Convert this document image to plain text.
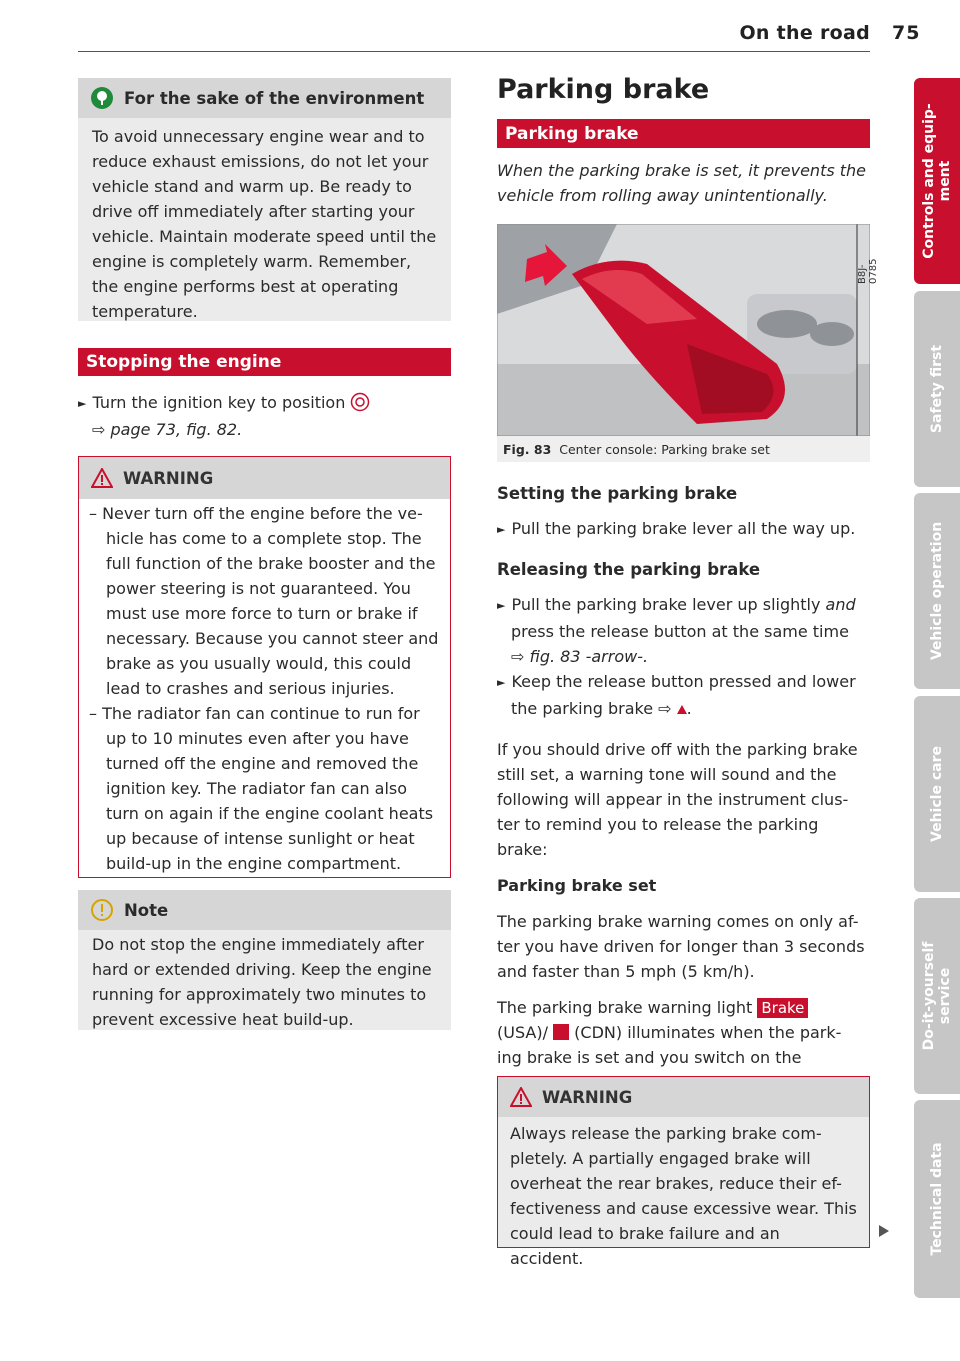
On the road 75
For the sake of the environment

To avoid unnecessary engine wear and to

reduce exhaust emissions, do not let your

vehicle stand and warm up. Be ready to

drive off immediately after starting your

vehicle. Maintain moderate speed until the

engine is completely warm. Remember,

the engine performs best at operating

temperature.

Stopping the engine

► Turn the ignition key to position

⇨ page 73, fig. 82.

WARNING

– Never turn off the engine before the ve-

hicle has come to a complete stop. The

full function of the brake booster and the

power steering is not guaranteed. You

must use more force to turn or brake if

necessary. Because you cannot steer and

brake as you usually would, this could

lead to crashes and serious injuries.

– The radiator fan can continue to run for

up to 10 minutes even after you have

turned off the engine and removed the

ignition key. The radiator fan can also

turn on again if the engine coolant heats

up because of intense sunlight or heat

build-up in the engine compartment.

Note

Do not stop the engine immediately after

hard or extended driving. Keep the engine

running for approximately two minutes to

prevent excessive heat build-up.

Parking brake
Parking brake

When the parking brake is set, it prevents the

vehicle from rolling away unintentionally.

B8J-0785
Fig. 83 Center console: Parking brake set

Setting the parking brake

► Pull the parking brake lever all the way up.

Releasing the parking brake

► Pull the parking brake lever up slightly and

press the release button at the same time

⇨ fig. 83 -arrow-.

► Keep the release button pressed and lower

the parking brake ⇨ .

If you should drive off with the parking brake

still set, a warning tone will sound and the

following will appear in the instrument clus-

ter to remind you to release the parking

brake:

Parking brake set

The parking brake warning comes on only af-

ter you have driven for longer than 3 seconds

and faster than 5 mph (5 km/h).

The parking brake warning light Brake

(USA)/ (CDN) illuminates when the park-

ing brake is set and you switch on the

WARNING

Always release the parking brake com-

pletely. A partially engaged brake will

overheat the rear brakes, reduce their ef-

fectiveness and cause excessive wear. This

could lead to brake failure and an accident.

Controls and equip-
ment
Safety first
Vehicle operation
Vehicle care
Do-it-yourself
service
Technical data
